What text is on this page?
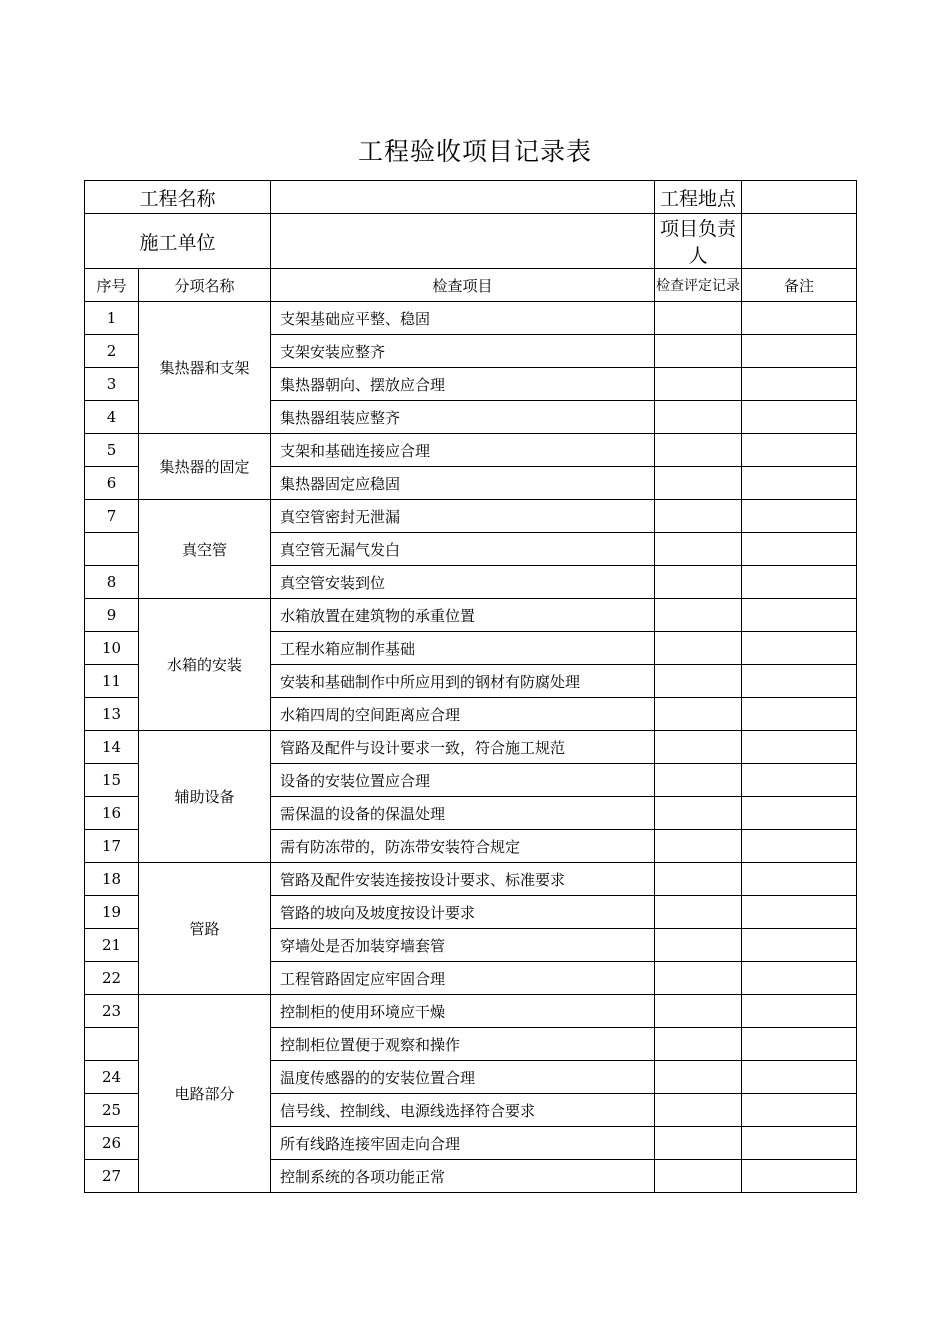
工程验收项目记录表
工程名称			工程地点	
施工单位			项目负责人	
序号	分项名称	检查项目	检查评定记录	备注
1	集热器和支架	支架基础应平整、稳固		
2		支架安装应整齐		
3		集热器朝向、摆放应合理		
4		集热器组装应整齐		
5	集热器的固定	支架和基础连接应合理		
6		集热器固定应稳固		
7	真空管	真空管密封无泄漏		
		真空管无漏气发白		
8		真空管安装到位		
9	水箱的安装	水箱放置在建筑物的承重位置		
10		工程水箱应制作基础		
11		安装和基础制作中所应用到的钢材有防腐处理		
13		水箱四周的空间距离应合理		
14	辅助设备	管路及配件与设计要求一致，符合施工规范		
15		设备的安装位置应合理		
16		需保温的设备的保温处理		
17		需有防冻带的，防冻带安装符合规定		
18	管路	管路及配件安装连接按设计要求、标准要求		
19		管路的坡向及坡度按设计要求		
21		穿墙处是否加装穿墙套管		
22		工程管路固定应牢固合理		
23	电路部分	控制柜的使用环境应干燥		
		控制柜位置便于观察和操作		
24		温度传感器的的安装位置合理		
25		信号线、控制线、电源线选择符合要求		
26		所有线路连接牢固走向合理		
27		控制系统的各项功能正常		
